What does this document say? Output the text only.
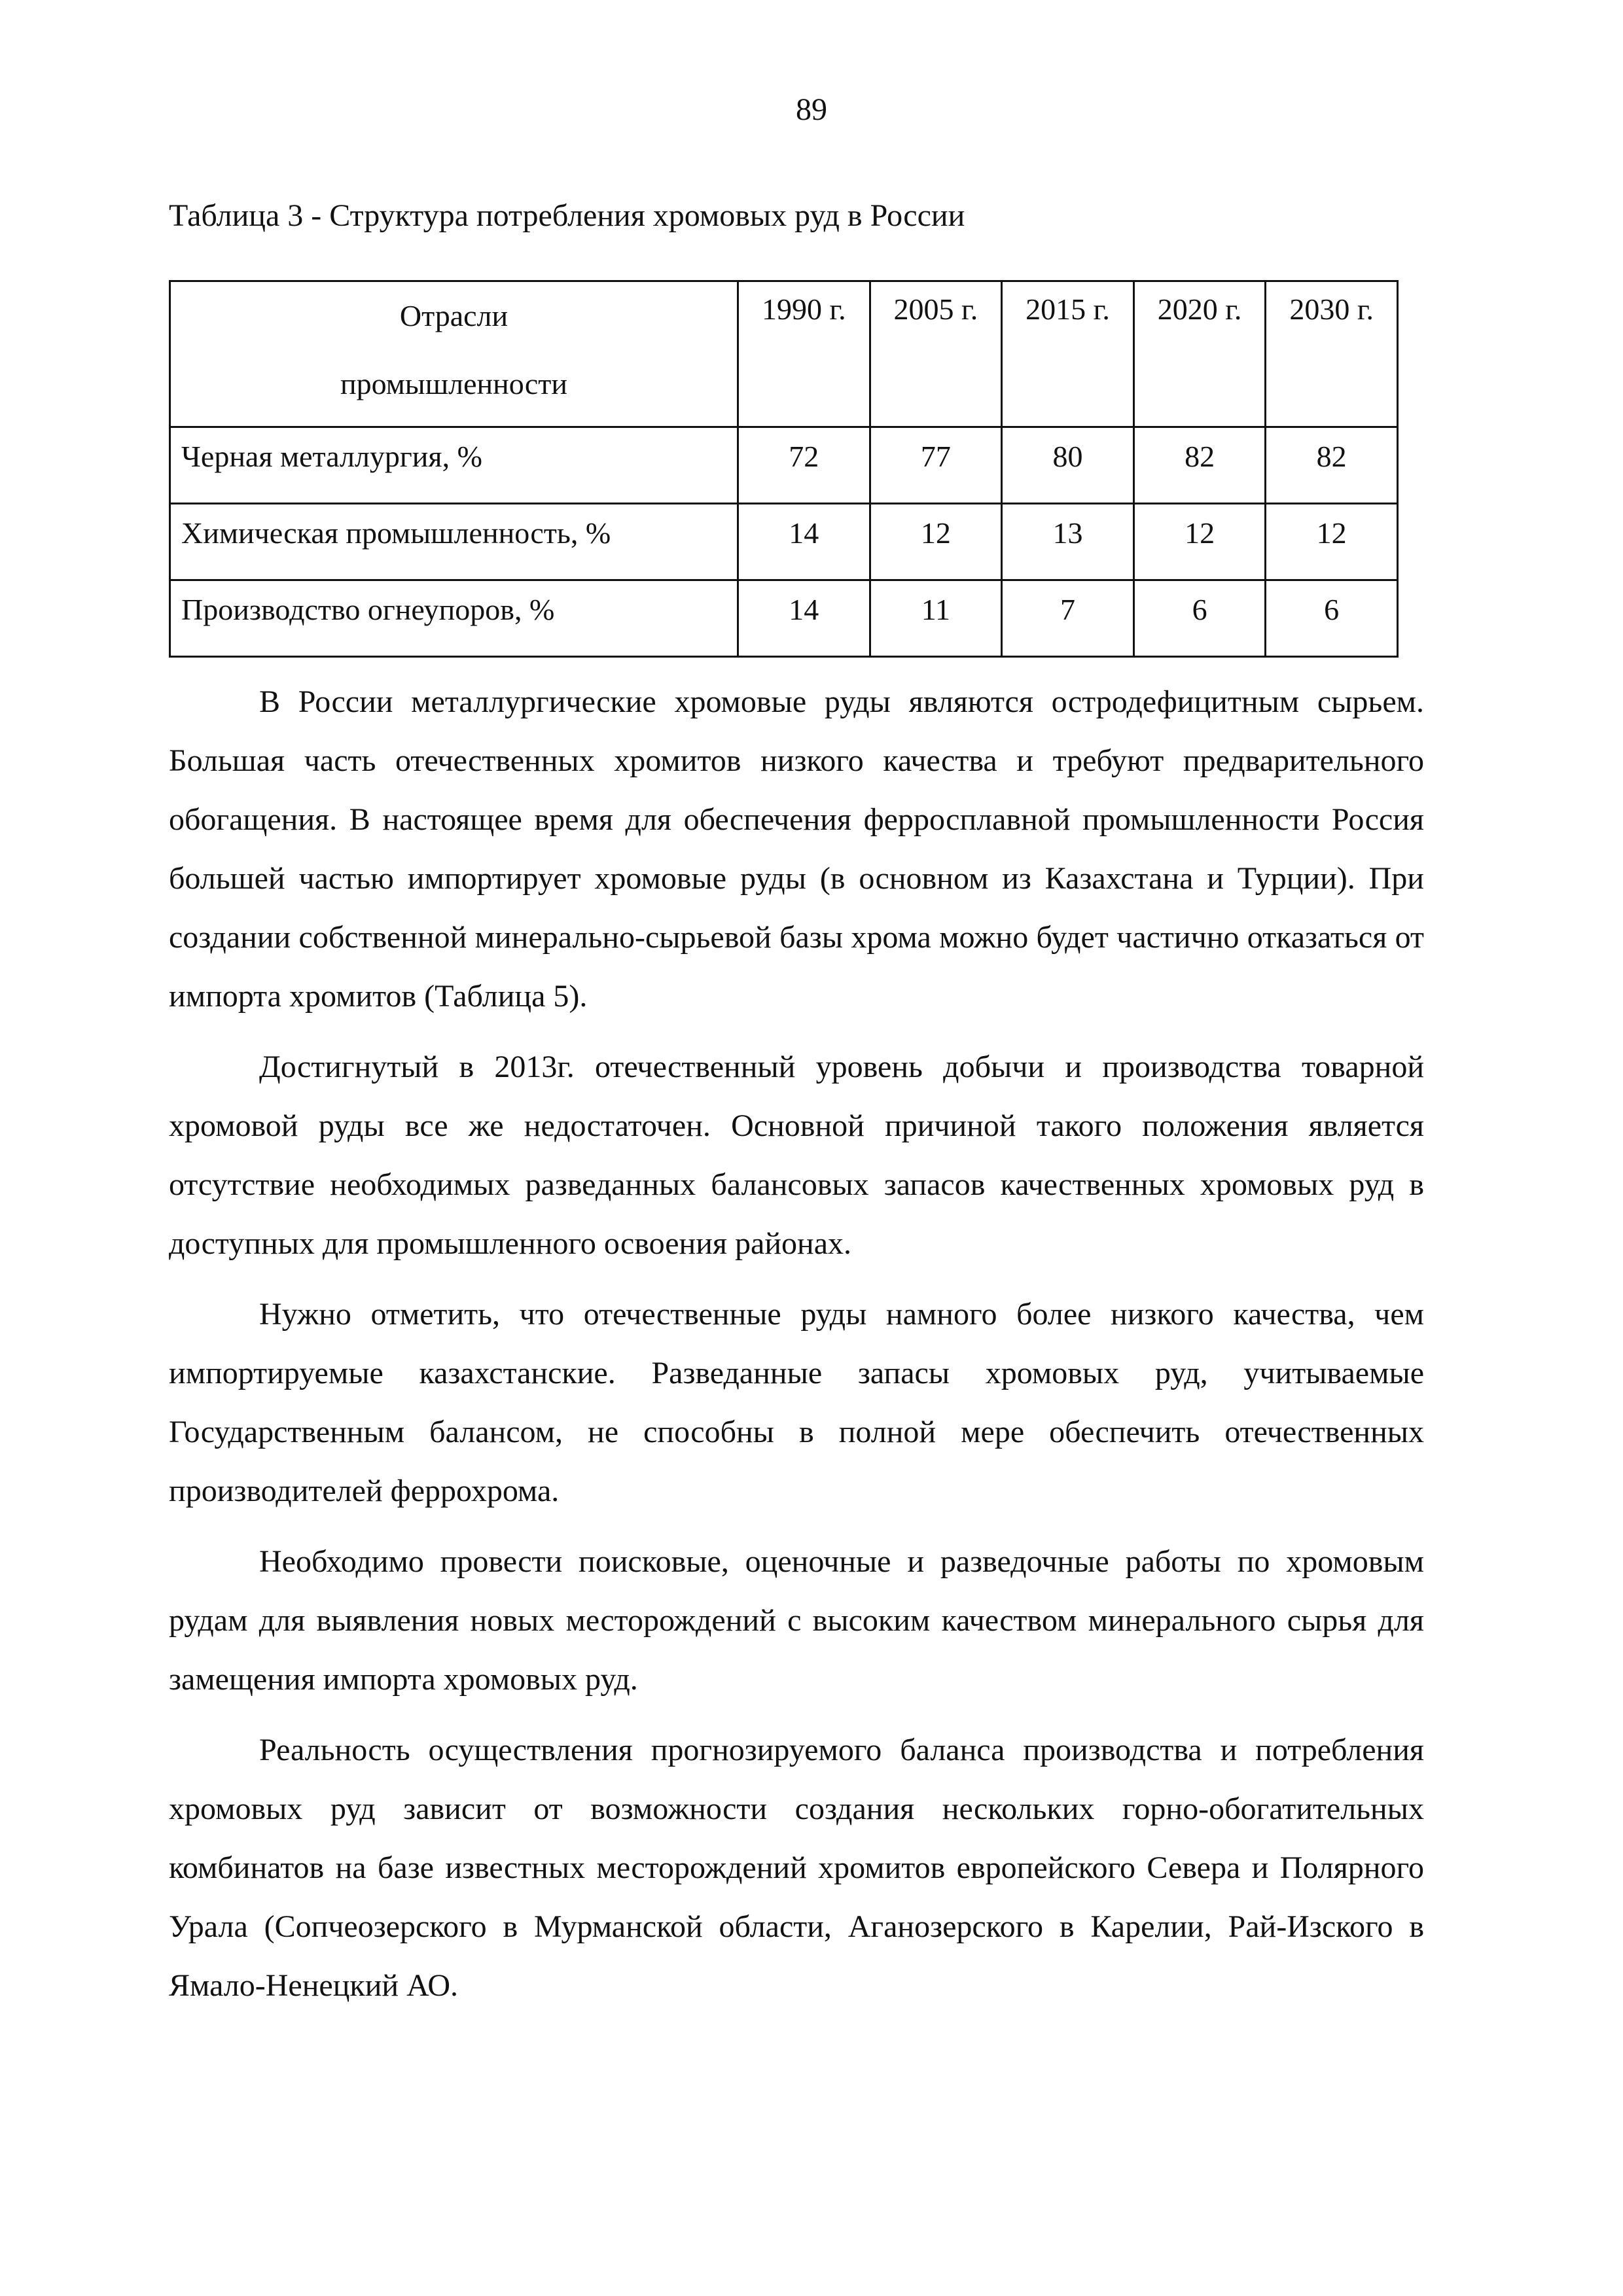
89
Таблица 3 - Структура потребления хромовых руд в России
Отрасли
промышленности	1990 г.	2005 г.	2015 г.	2020 г.	2030 г.
Черная металлургия, %	72	77	80	82	82
Химическая промышленность, %	14	12	13	12	12
Производство огнеупоров, %	14	11	7	6	6

В России металлургические хромовые руды являются остродефицитным сырьем. Большая часть отечественных хромитов низкого качества и требуют предварительного обогащения. В настоящее время для обеспечения ферросплавной промышленности Россия большей частью импортирует хромовые руды (в основном из Казахстана и Турции). При создании собственной минерально-сырьевой базы хрома можно будет частично отказаться от импорта хромитов (Таблица 5).

Достигнутый в 2013г. отечественный уровень добычи и производства товарной хромовой руды все же недостаточен. Основной причиной такого положения является отсутствие необходимых разведанных балансовых запасов качественных хромовых руд в доступных для промышленного освоения районах.

Нужно отметить, что отечественные руды намного более низкого качества, чем импортируемые казахстанские. Разведанные запасы хромовых руд, учитываемые Государственным балансом, не способны в полной мере обеспечить отечественных производителей феррохрома.

Необходимо провести поисковые, оценочные и разведочные работы по хромовым рудам для выявления новых месторождений с высоким качеством минерального сырья для замещения импорта хромовых руд.

Реальность осуществления прогнозируемого баланса производства и потребления хромовых руд зависит от возможности создания нескольких горно-обогатительных комбинатов на базе известных месторождений хромитов европейского Севера и Полярного Урала (Сопчеозерского в Мурманской области, Аганозерского в Карелии, Рай-Изского в Ямало-Ненецкий АО.
